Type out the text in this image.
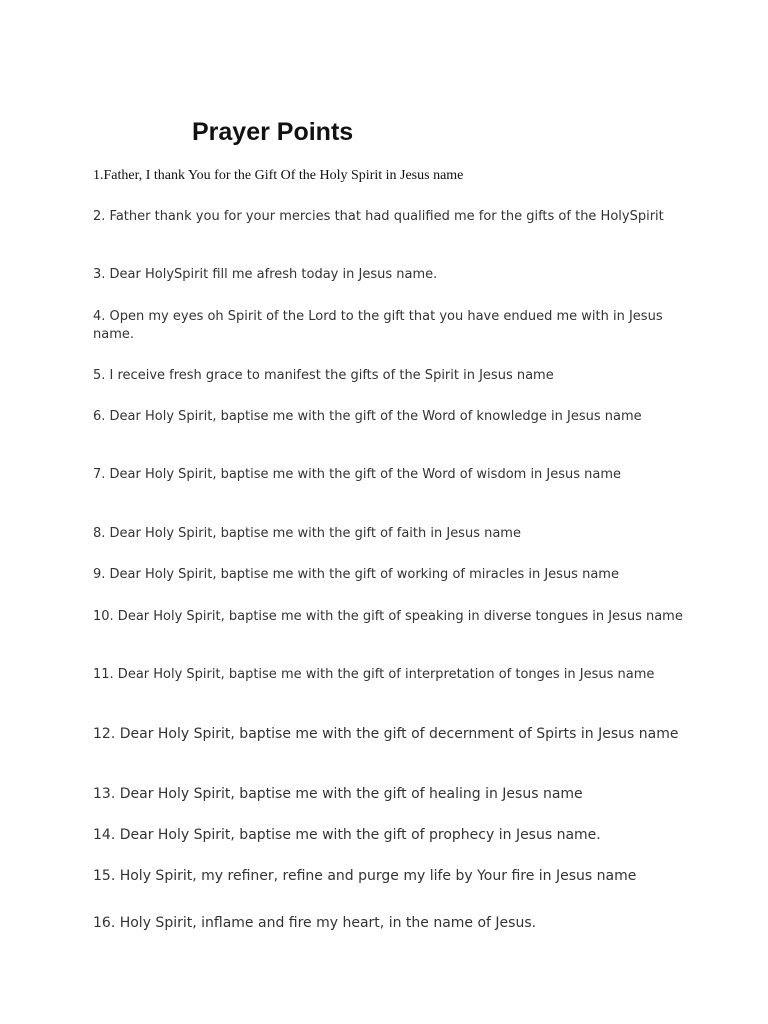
Prayer Points

1.Father, I thank You for the Gift Of the Holy Spirit in Jesus name

2. Father thank you for your mercies that had qualified me for the gifts of the HolySpirit

3. Dear HolySpirit fill me afresh today in Jesus name.

4. Open my eyes oh Spirit of the Lord to the gift that you have endued me with in Jesus name.

5. I receive fresh grace to manifest the gifts of the Spirit in Jesus name

6. Dear Holy Spirit, baptise me with the gift of the Word of knowledge in Jesus name

7. Dear Holy Spirit, baptise me with the gift of the Word of wisdom in Jesus name

8. Dear Holy Spirit, baptise me with the gift of faith in Jesus name

9. Dear Holy Spirit, baptise me with the gift of working of miracles in Jesus name

10. Dear Holy Spirit, baptise me with the gift of speaking in diverse tongues in Jesus name

11. Dear Holy Spirit, baptise me with the gift of interpretation of tonges in Jesus name

12. Dear Holy Spirit, baptise me with the gift of decernment of Spirts in Jesus name

13. Dear Holy Spirit, baptise me with the gift of healing in Jesus name

14. Dear Holy Spirit, baptise me with the gift of prophecy in Jesus name.

15. Holy Spirit, my refiner, refine and purge my life by Your fire in Jesus name

16. Holy Spirit, inflame and fire my heart, in the name of Jesus.
